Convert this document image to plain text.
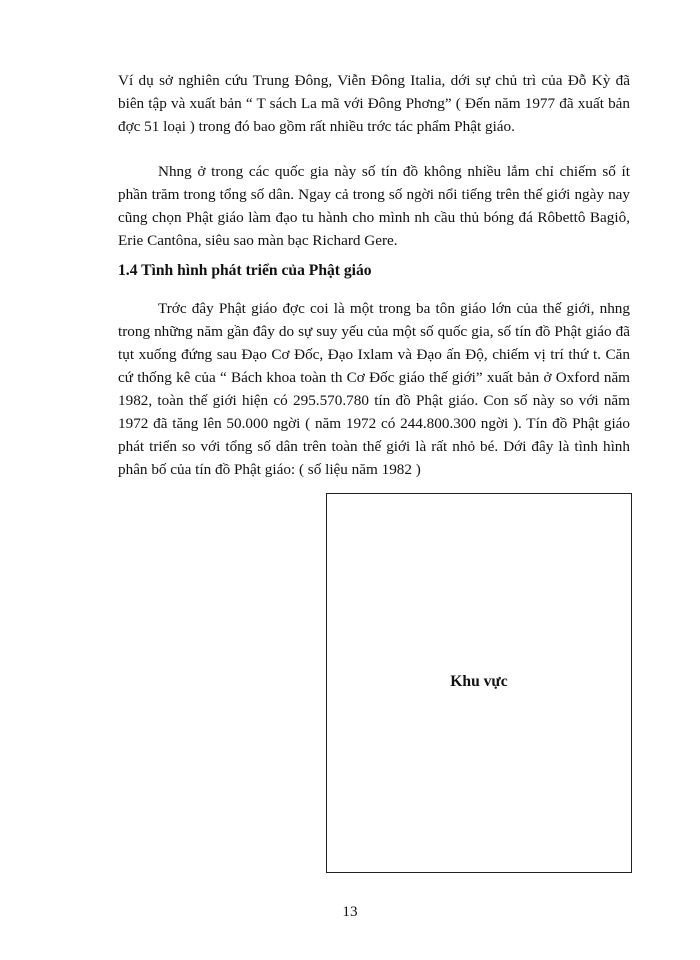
Ví dụ sở nghiên cứu Trung Đông, Viễn Đông Italia, dới sự chủ trì của Đỗ Kỳ đã biên tập và xuất bản “ T sách La mã với Đông Phơng” ( Đến năm 1977 đã xuất bản đợc 51 loại ) trong đó bao gồm rất nhiều trớc tác phẩm Phật giáo.

Nhng ở trong các quốc gia này số tín đồ không nhiều lắm chỉ chiếm số ít phần trăm trong tổng số dân. Ngay cả trong số ngời nổi tiếng trên thế giới ngày nay cũng chọn Phật giáo làm đạo tu hành cho mình nh cầu thủ bóng đá Rôbettô Bagiô, Erie Cantôna, siêu sao màn bạc Richard Gere.

1.4 Tình hình phát triển của Phật giáo

Trớc đây Phật giáo đợc coi là một trong ba tôn giáo lớn của thế giới, nhng trong những năm gần đây do sự suy yếu của một số quốc gia, số tín đồ Phật giáo đã tụt xuống đứng sau Đạo Cơ Đốc, Đạo Ixlam và Đạo ấn Độ, chiếm vị trí thứ t. Căn cứ thống kê của “ Bách khoa toàn th Cơ Đốc giáo thế giới” xuất bản ở Oxford năm 1982, toàn thế giới hiện có 295.570.780 tín đồ Phật giáo. Con số này so với năm 1972 đã tăng lên 50.000 ngời ( năm 1972 có 244.800.300 ngời ). Tín đồ Phật giáo phát triển so với tổng số dân trên toàn thế giới là rất nhỏ bé. Dới đây là tình hình phân bố của tín đồ Phật giáo: ( số liệu năm 1982 )

Khu vực
13
